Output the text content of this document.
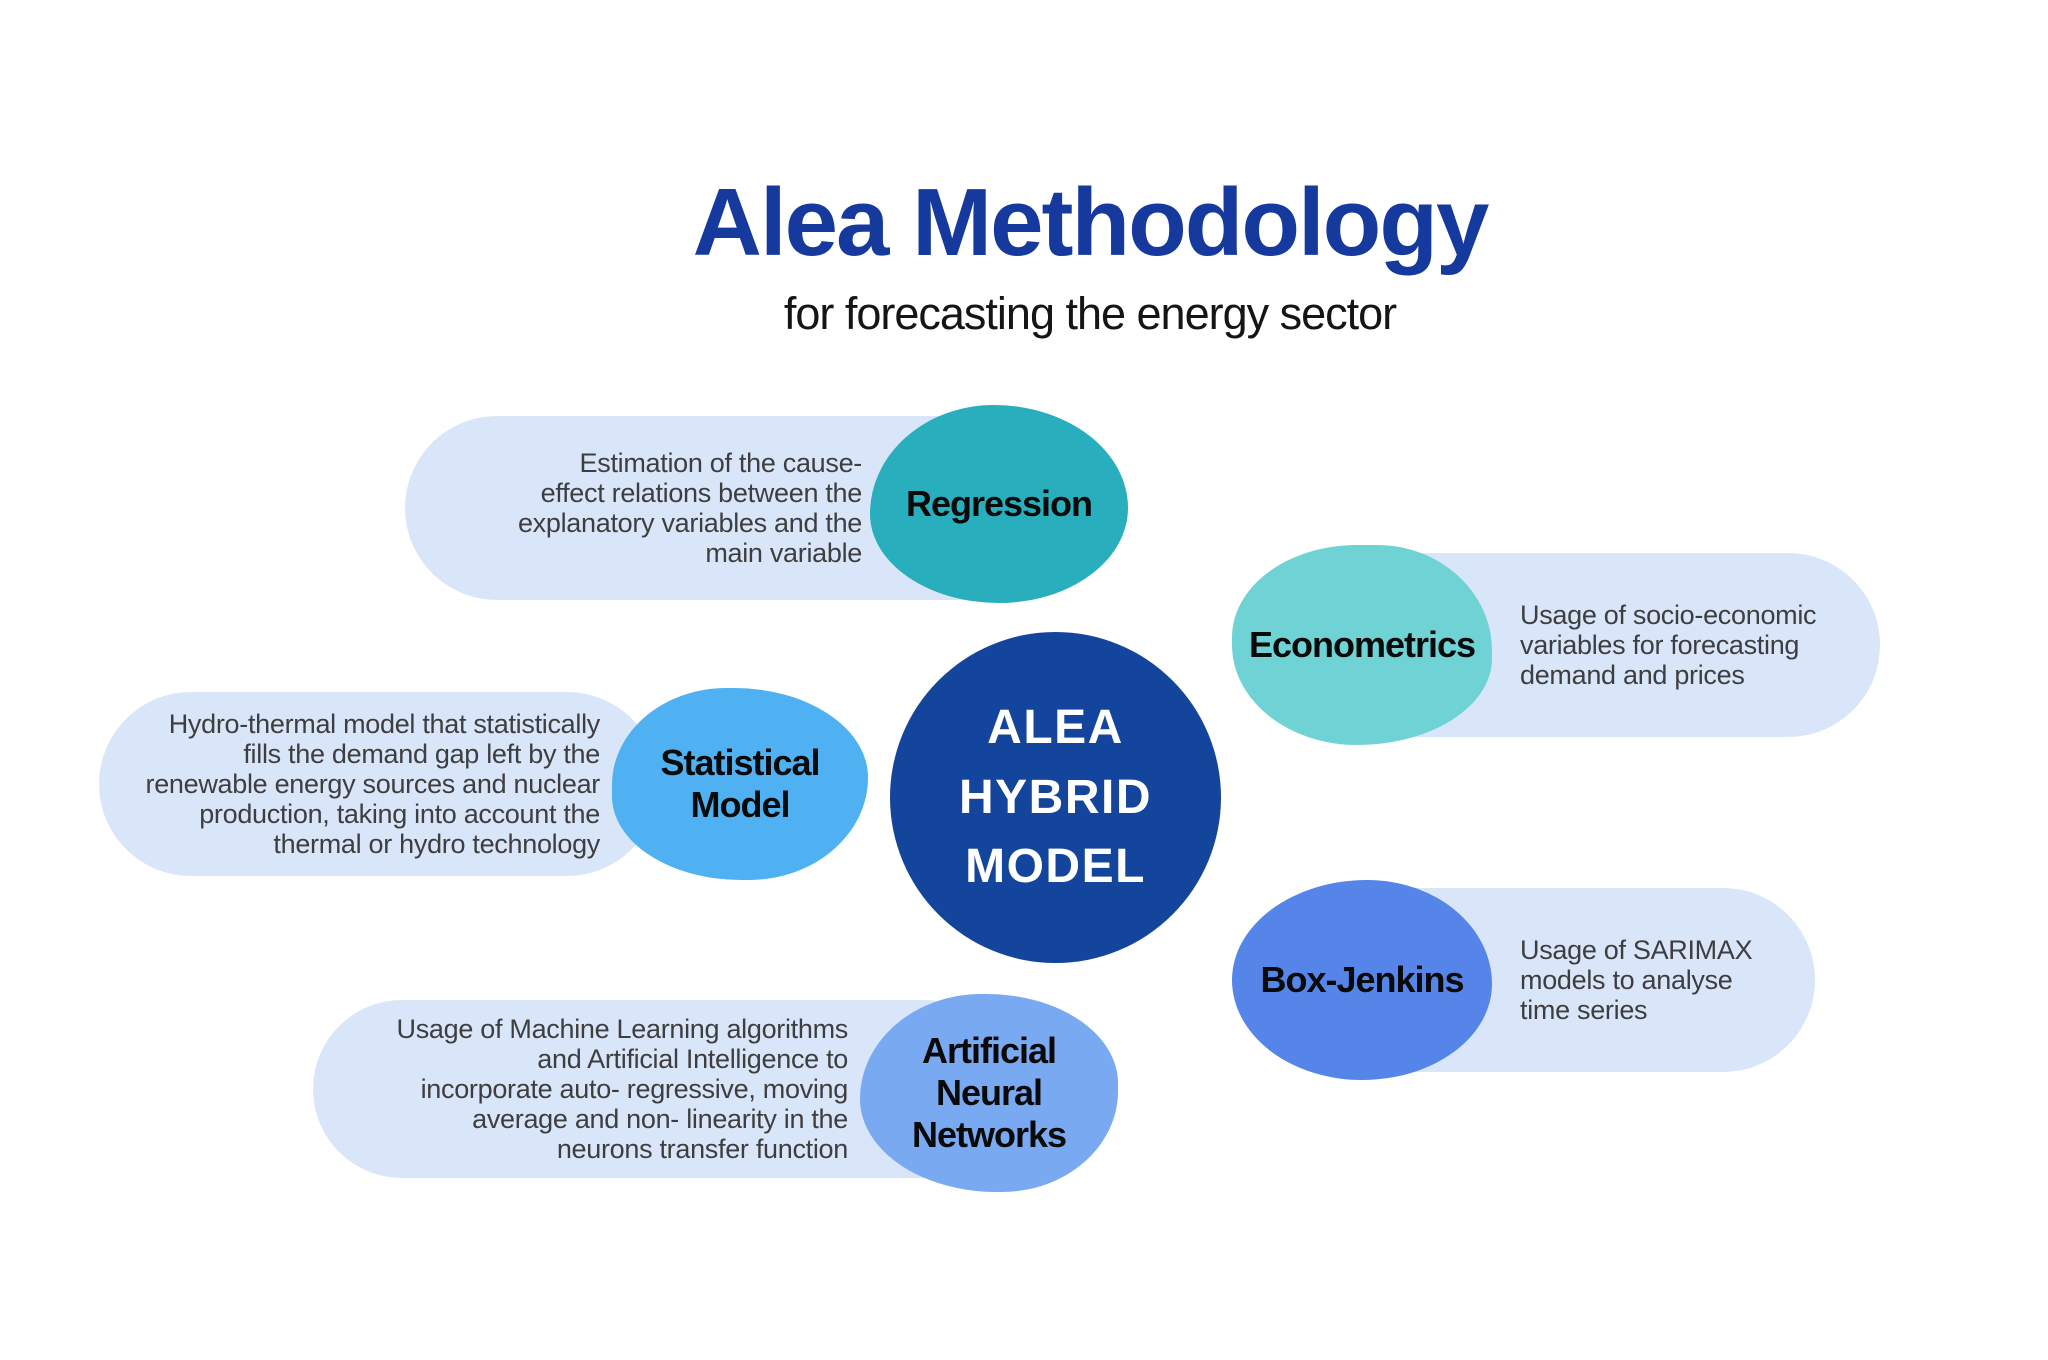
Alea Methodology
for forecasting the energy sector
ALEA
HYBRID
MODEL
Estimation of the cause-
effect relations between the
explanatory variables and the
main variable
Regression
Usage of socio-economic
variables for forecasting
demand and prices
Econometrics
Hydro-thermal model that statistically
fills the demand gap left by the
renewable energy sources and nuclear
production, taking into account the
thermal or hydro technology
Statistical
Model
Usage of SARIMAX
models to analyse
time series
Box-Jenkins
Usage of Machine Learning algorithms
and Artificial Intelligence to
incorporate auto- regressive, moving
average and non- linearity in the
neurons transfer function
Artificial
Neural
Networks
